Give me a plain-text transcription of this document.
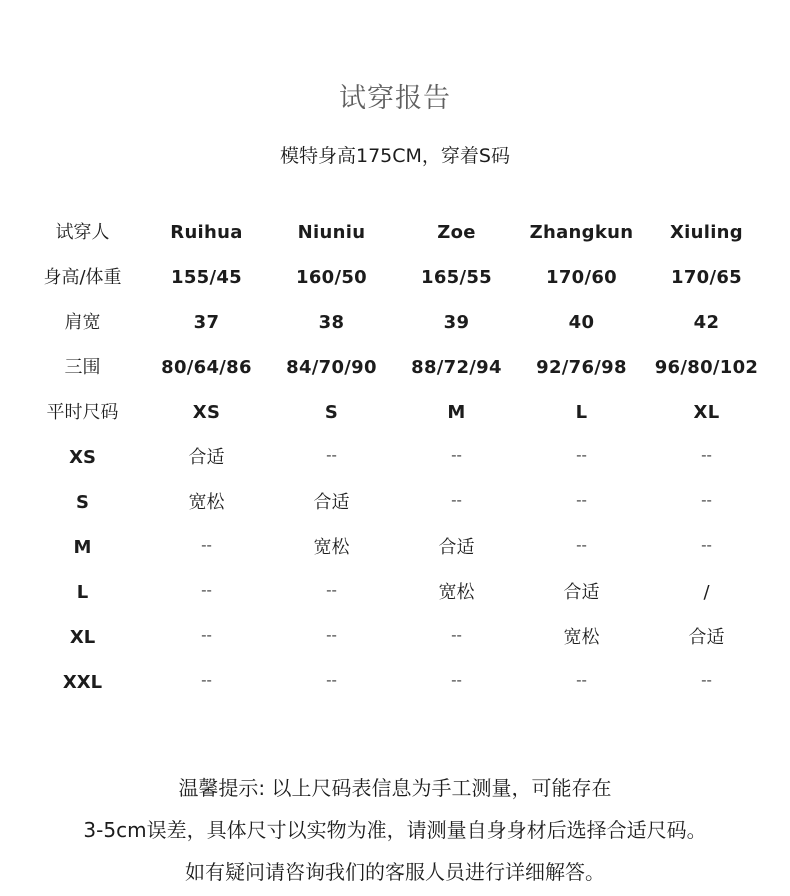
试穿报告
模特身高175CM，穿着S码
试穿人	Ruihua	Niuniu	Zoe	Zhangkun	Xiuling
身高/体重	155/45	160/50	165/55	170/60	170/65
肩宽	37	38	39	40	42
三围	80/64/86	84/70/90	88/72/94	92/76/98	96/80/102
平时尺码	XS	S	M	L	XL
XS	合适	--	--	--	--
S	宽松	合适	--	--	--
M	--	宽松	合适	--	--
L	--	--	宽松	合适	/
XL	--	--	--	宽松	合适
XXL	--	--	--	--	--
温馨提示: 以上尺码表信息为手工测量，可能存在
3-5cm误差，具体尺寸以实物为准，请测量自身身材后选择合适尺码。
如有疑问请咨询我们的客服人员进行详细解答。
